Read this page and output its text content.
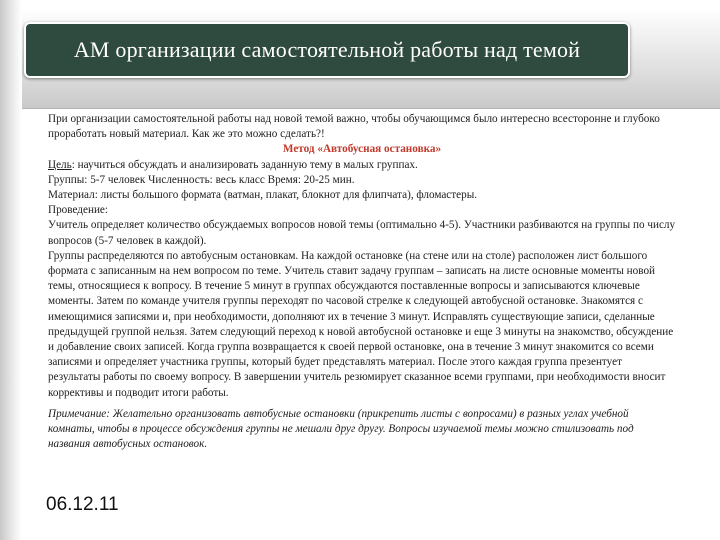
АМ организации самостоятельной работы над темой

При организации самостоятельной работы над новой темой важно, чтобы обучающимся было интересно всесторонне и глубоко проработать новый материал. Как же это можно сделать?!

Метод «Автобусная остановка»

Цель: научиться обсуждать и анализировать заданную тему в малых группах.

Группы: 5-7 человек Численность: весь класс Время: 20-25 мин.

Материал: листы большого формата (ватман, плакат, блокнот для флипчата), фломастеры.

Проведение:

Учитель определяет количество обсуждаемых вопросов новой темы (оптимально 4-5). Участники разбиваются на группы по числу вопросов (5-7 человек в каждой).

Группы распределяются по автобусным остановкам. На каждой остановке (на стене или на столе) расположен лист большого формата с записанным на нем вопросом по теме. Учитель ставит задачу группам – записать на листе основные моменты новой темы, относящиеся к вопросу. В течение 5 минут в группах обсуждаются поставленные вопросы и записываются ключевые моменты. Затем по команде учителя группы переходят по часовой стрелке к следующей автобусной остановке. Знакомятся с имеющимися записями и, при необходимости, дополняют их в течение 3 минут. Исправлять существующие записи, сделанные предыдущей группой нельзя. Затем следующий переход к новой автобусной остановке и еще 3 минуты на знакомство, обсуждение и добавление своих записей. Когда группа возвращается к своей первой остановке, она в течение 3 минут знакомится со всеми записями и определяет участника группы, который будет представлять материал. После этого каждая группа презентует результаты работы по своему вопросу. В завершении учитель резюмирует сказанное всеми группами, при необходимости вносит коррективы и подводит итоги работы.

Примечание: Желательно организовать автобусные остановки (прикрепить листы с вопросами) в разных углах учебной комнаты, чтобы в процессе обсуждения группы не мешали друг другу. Вопросы изучаемой темы можно стилизовать под названия автобусных остановок.

06.12.11
